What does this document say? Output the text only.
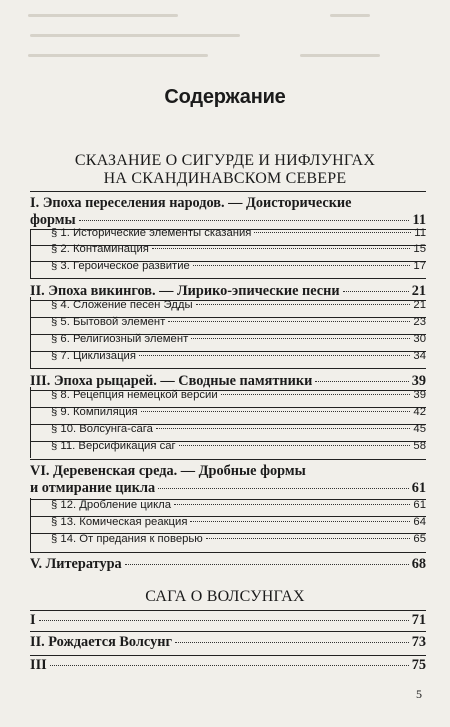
Содержание
СКАЗАНИЕ О СИГУРДЕ И НИФЛУНГАХ
НА СКАНДИНАВСКОМ СЕВЕРЕ
I. Эпоха переселения народов. — Доисторические
формы	11
§ 1. Исторические элементы сказания	11
§ 2. Контаминация	15
§ 3. Героическое развитие	17
II. Эпоха викингов. — Лирико-эпические песни	21
§ 4. Сложение песен Эдды	21
§ 5. Бытовой элемент	23
§ 6. Религиозный элемент	30
§ 7. Циклизация	34
III. Эпоха рыцарей. — Сводные памятники	39
§ 8. Рецепция немецкой версии	39
§ 9. Компиляция	42
§ 10. Волсунга-сага	45
§ 11. Версификация саг	58
VI. Деревенская среда. — Дробные формы
и отмирание цикла	61
§ 12. Дробление цикла	61
§ 13. Комическая реакция	64
§ 14. От предания к поверью	65
V. Литература	68
САГА О ВОЛСУНГАХ
I	71
II. Рождается Волсунг	73
III	75
5
